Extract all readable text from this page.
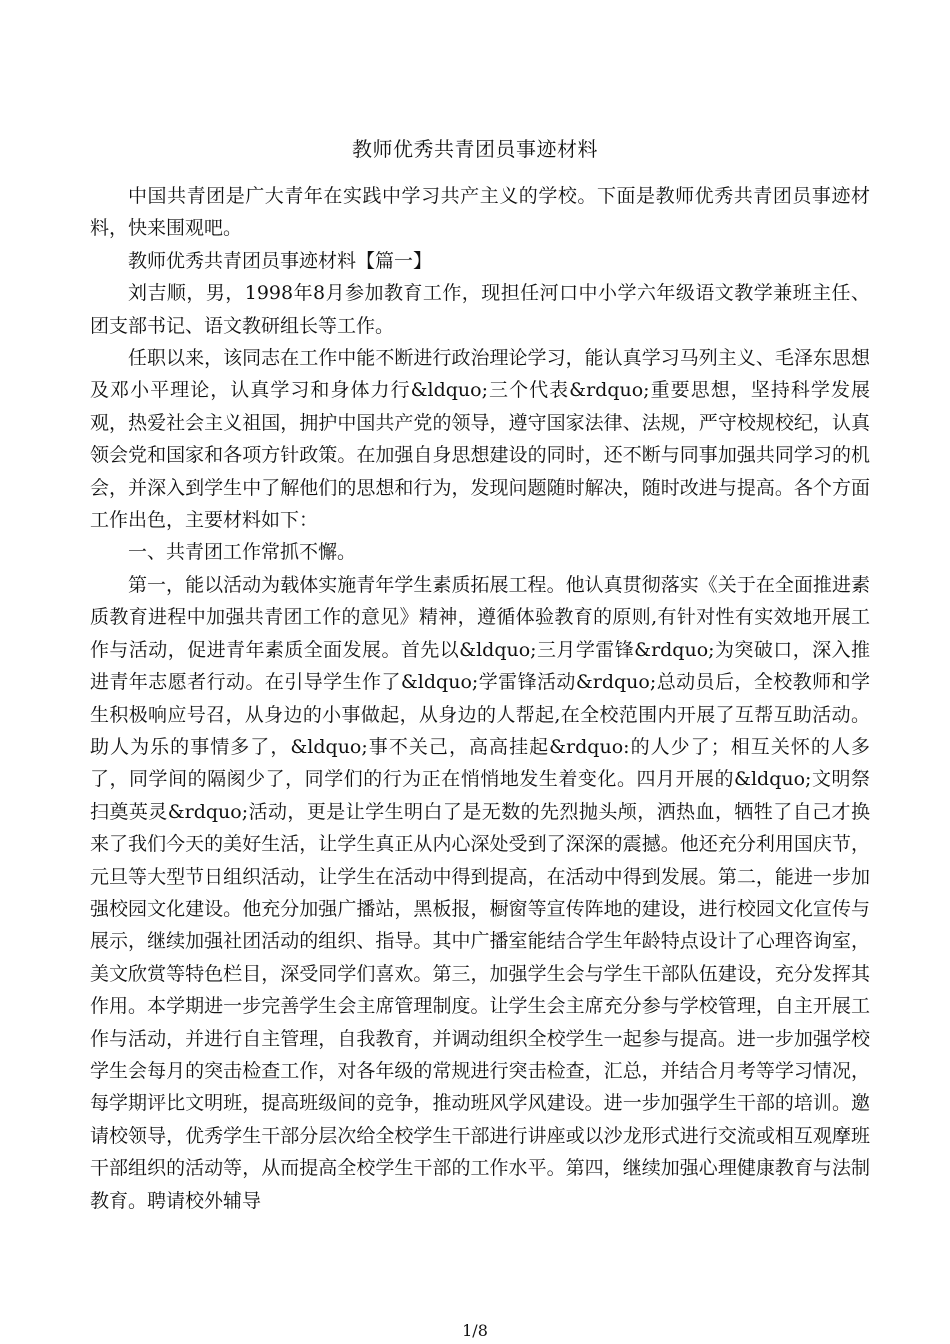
教师优秀共青团员事迹材料

中国共青团是广大青年在实践中学习共产主义的学校。下面是教师优秀共青团员事迹材料，快来围观吧。

教师优秀共青团员事迹材料【篇一】

刘吉顺，男，1998年8月参加教育工作，现担任河口中小学六年级语文教学兼班主任、团支部书记、语文教研组长等工作。

任职以来，该同志在工作中能不断进行政治理论学习，能认真学习马列主义、毛泽东思想及邓小平理论，认真学习和身体力行&ldquo;三个代表&rdquo;重要思想，坚持科学发展观，热爱社会主义祖国，拥护中国共产党的领导，遵守国家法律、法规，严守校规校纪，认真领会党和国家和各项方针政策。在加强自身思想建设的同时，还不断与同事加强共同学习的机会，并深入到学生中了解他们的思想和行为，发现问题随时解决，随时改进与提高。各个方面工作出色，主要材料如下：

一、共青团工作常抓不懈。

第一，能以活动为载体实施青年学生素质拓展工程。他认真贯彻落实《关于在全面推进素质教育进程中加强共青团工作的意见》精神，遵循体验教育的原则,有针对性有实效地开展工作与活动，促进青年素质全面发展。首先以&ldquo;三月学雷锋&rdquo;为突破口，深入推进青年志愿者行动。在引导学生作了&ldquo;学雷锋活动&rdquo;总动员后，全校教师和学生积极响应号召，从身边的小事做起，从身边的人帮起,在全校范围内开展了互帮互助活动。助人为乐的事情多了，&ldquo;事不关己，高高挂起&rdquo:的人少了；相互关怀的人多了，同学间的隔阂少了，同学们的行为正在悄悄地发生着变化。四月开展的&ldquo;文明祭扫奠英灵&rdquo;活动，更是让学生明白了是无数的先烈抛头颅，洒热血，牺牲了自己才换来了我们今天的美好生活，让学生真正从内心深处受到了深深的震撼。他还充分利用国庆节，元旦等大型节日组织活动，让学生在活动中得到提高，在活动中得到发展。第二，能进一步加强校园文化建设。他充分加强广播站，黑板报，橱窗等宣传阵地的建设，进行校园文化宣传与展示，继续加强社团活动的组织、指导。其中广播室能结合学生年龄特点设计了心理咨询室，美文欣赏等特色栏目，深受同学们喜欢。第三，加强学生会与学生干部队伍建设，充分发挥其作用。本学期进一步完善学生会主席管理制度。让学生会主席充分参与学校管理，自主开展工作与活动，并进行自主管理，自我教育，并调动组织全校学生一起参与提高。进一步加强学校学生会每月的突击检查工作，对各年级的常规进行突击检查，汇总，并结合月考等学习情况，每学期评比文明班，提高班级间的竞争，推动班风学风建设。进一步加强学生干部的培训。邀请校领导，优秀学生干部分层次给全校学生干部进行讲座或以沙龙形式进行交流或相互观摩班干部组织的活动等，从而提高全校学生干部的工作水平。第四，继续加强心理健康教育与法制教育。聘请校外辅导

1/8
